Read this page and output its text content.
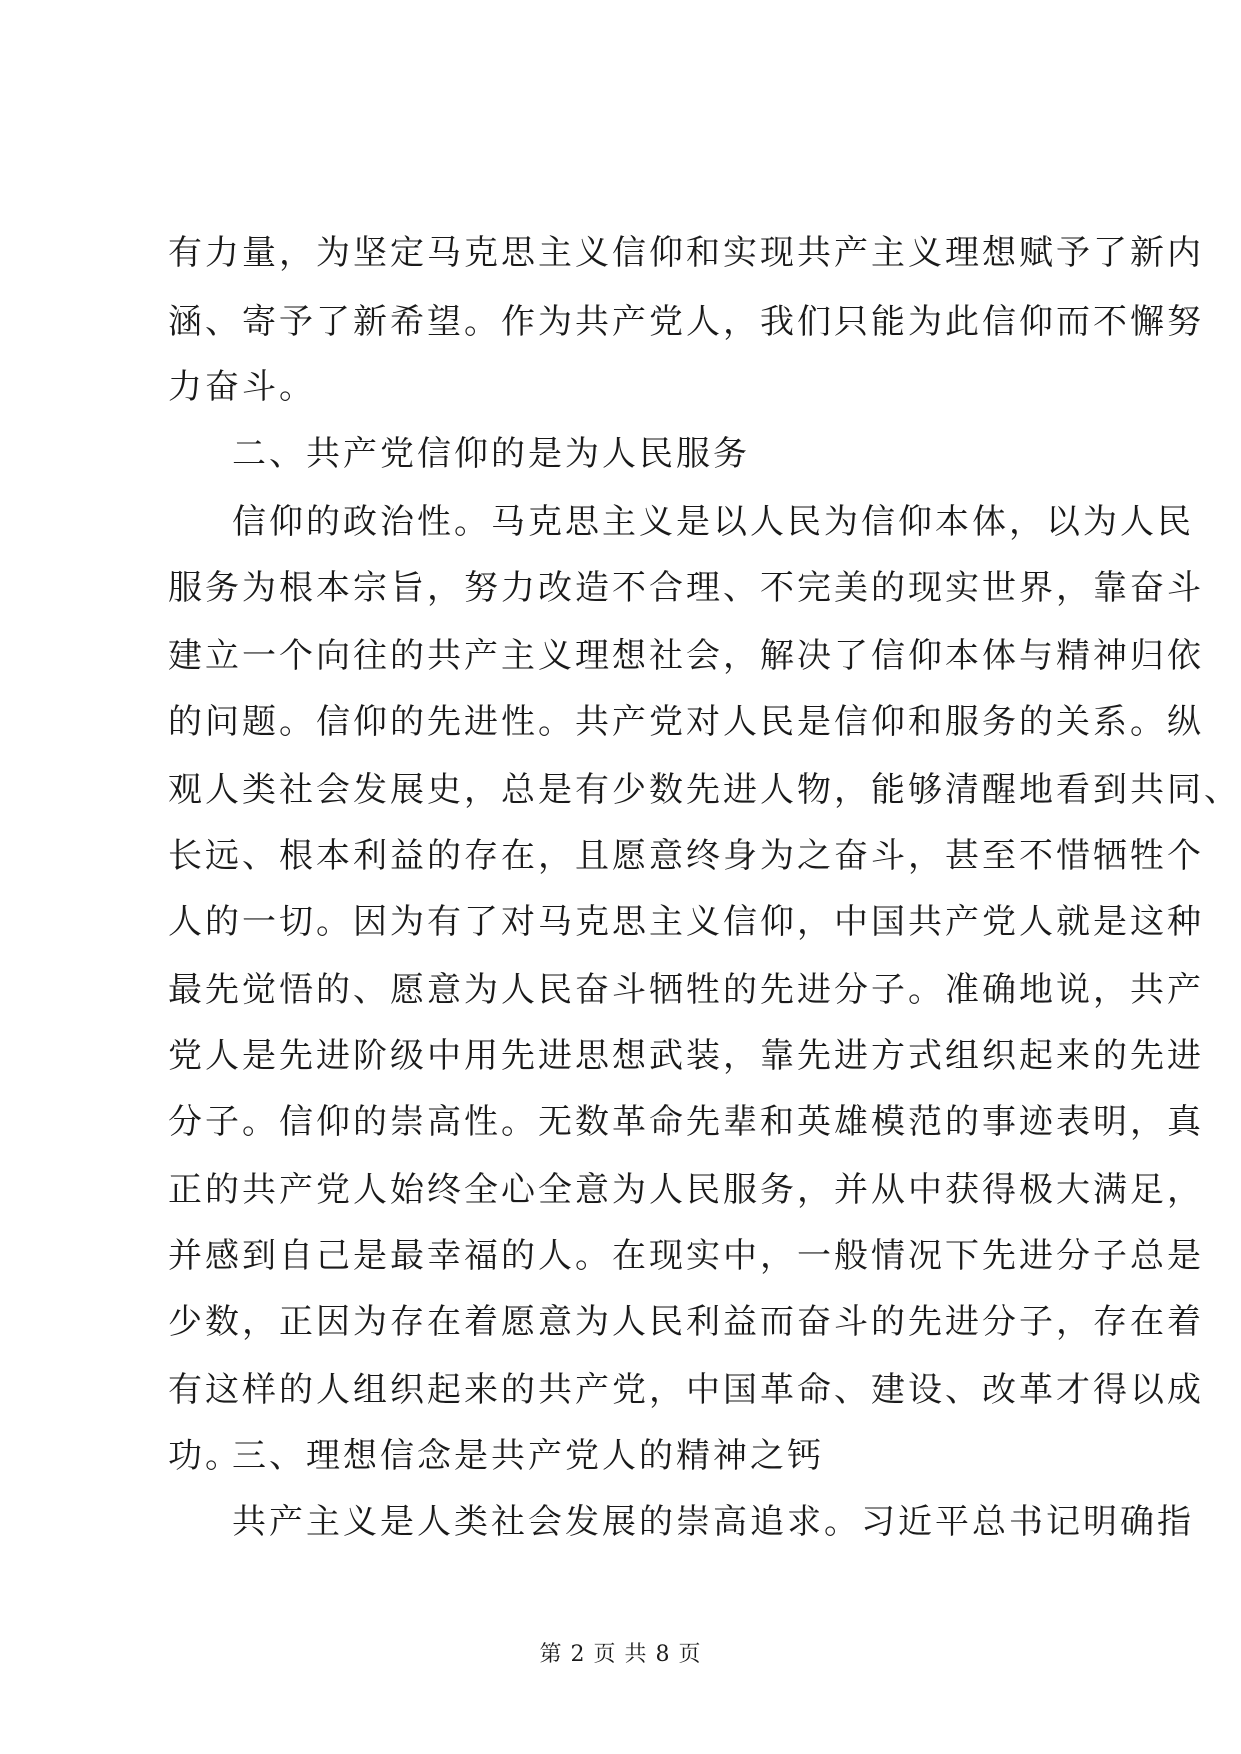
有力量，为坚定马克思主义信仰和实现共产主义理想赋予了新内
涵、寄予了新希望。作为共产党人，我们只能为此信仰而不懈努
力奋斗。
二、共产党信仰的是为人民服务
信仰的政治性。马克思主义是以人民为信仰本体，以为人民
服务为根本宗旨，努力改造不合理、不完美的现实世界，靠奋斗
建立一个向往的共产主义理想社会，解决了信仰本体与精神归依
的问题。信仰的先进性。共产党对人民是信仰和服务的关系。纵
观人类社会发展史，总是有少数先进人物，能够清醒地看到共同、
长远、根本利益的存在，且愿意终身为之奋斗，甚至不惜牺牲个
人的一切。因为有了对马克思主义信仰，中国共产党人就是这种
最先觉悟的、愿意为人民奋斗牺牲的先进分子。准确地说，共产
党人是先进阶级中用先进思想武装，靠先进方式组织起来的先进
分子。信仰的崇高性。无数革命先辈和英雄模范的事迹表明，真
正的共产党人始终全心全意为人民服务，并从中获得极大满足，
并感到自己是最幸福的人。在现实中，一般情况下先进分子总是
少数，正因为存在着愿意为人民利益而奋斗的先进分子，存在着
有这样的人组织起来的共产党，中国革命、建设、改革才得以成
功。
三、理想信念是共产党人的精神之钙
共产主义是人类社会发展的崇高追求。习近平总书记明确指
第 2 页 共 8 页
